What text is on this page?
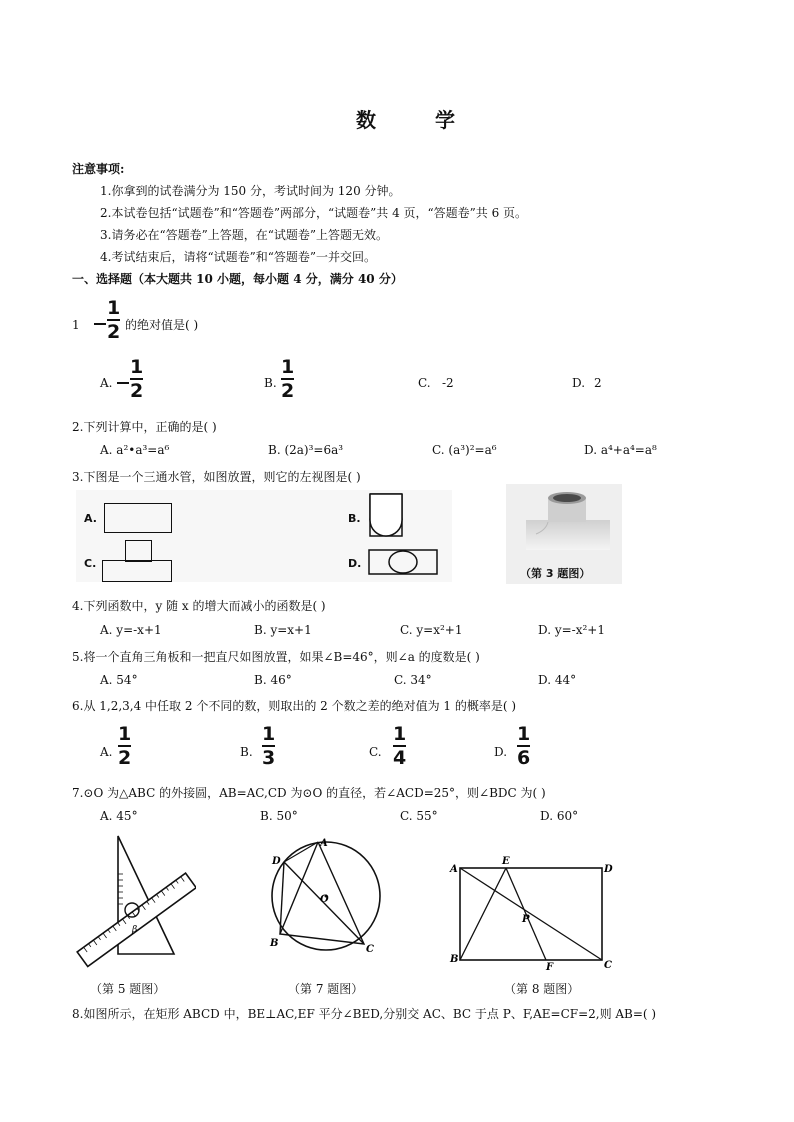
数 学
注意事项:
1.你拿到的试卷满分为 150 分，考试时间为 120 分钟。
2.本试卷包括“试题卷”和“答题卷”两部分，“试题卷”共 4 页，“答题卷”共 6 页。
3.请务必在“答题卷”上答题，在“试题卷”上答题无效。
4.考试结束后，请将“试题卷”和“答题卷”一并交回。
一、选择题（本大题共 10 小题，每小题 4 分，满分 40 分）
1
1
2 的绝对值是( )
A.
1
2	B.
1
2	C. -2	D. 2
2.下列计算中，正确的是( )
A. a²•a³=a⁶	B. (2a)³=6a³	C. (a³)²=a⁶	D. a⁴+a⁴=a⁸
3.下图是一个三通水管，如图放置，则它的左视图是( )
A.
C.
B.
D.
（第 3 题图）
4.下列函数中，y 随 x 的增大而减小的函数是( )
A. y=-x+1	B. y=x+1	C. y=x²+1	D. y=-x²+1
5.将一个直角三角板和一把直尺如图放置，如果∠B=46°，则∠a 的度数是( )
A. 54°	B. 46°	C. 34°	D. 44°
6.从 1,2,3,4 中任取 2 个不同的数，则取出的 2 个数之差的绝对值为 1 的概率是( )
A.
1
2	B.
1
3	C.
1
4	D.
1
6
7.⊙O 为△ABC 的外接圆，AB=AC,CD 为⊙O 的直径，若∠ACD=25°，则∠BDC 为( )
A. 45°	B. 50°	C. 55°	D. 60°
β
A
B
C
D
O
A
E
D
P
B
F	C
（第 5 题图）	（第 7 题图）	（第 8 题图）
8.如图所示，在矩形 ABCD 中，BE⊥AC,EF 平分∠BED,分别交 AC、BC 于点 P、F,AE=CF=2,则 AB=( )
